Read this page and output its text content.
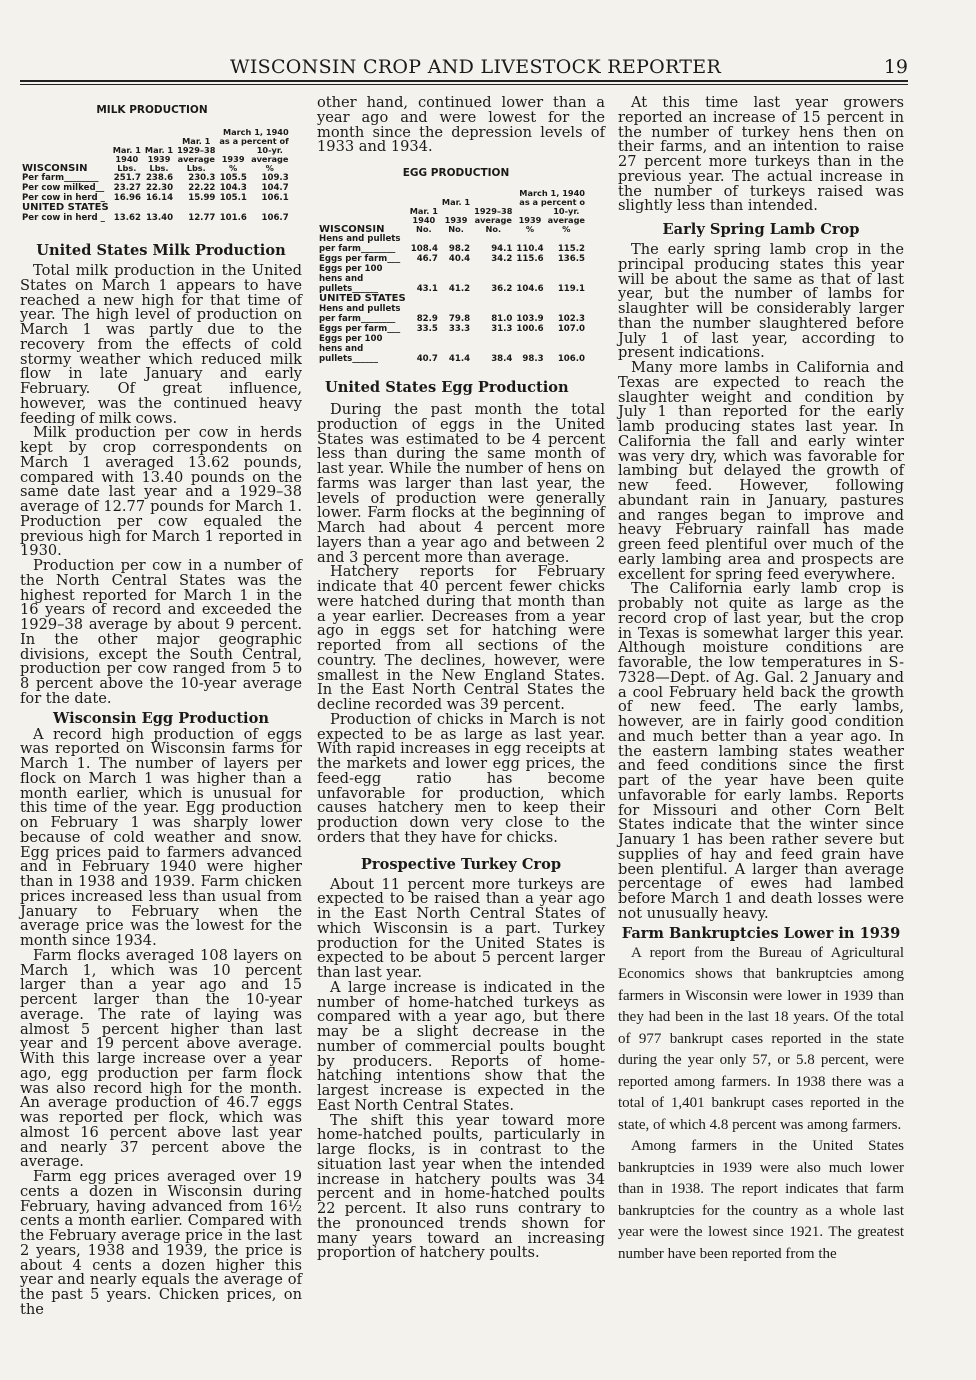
WISCONSIN CROP AND LIVESTOCK REPORTER	19
MILK PRODUCTION
			March 1, 1940		
			Mar. 1	as a percent of	
	Mar. 1	Mar. 1	1929–38		10-yr.
	1940	1939	average	1939	average
WISCONSIN	Lbs.	Lbs.	Lbs.	%	%
Per farm________	251.7	238.6	230.3	105.5	109.3
Per cow milked__	23.27	22.30	22.22	104.3	104.7
Per cow in herd _	16.96	16.14	15.99	105.1	106.1
UNITED STATES					
Per cow in herd _	13.62	13.40	12.77	101.6	106.7
United States Milk Production

Total milk production in the United States on March 1 appears to have reached a new high for that time of year. The high level of production on March 1 was partly due to the recovery from the effects of cold stormy weather which reduced milk flow in late January and early February. Of great influence, however, was the continued heavy feeding of milk cows.

Milk production per cow in herds kept by crop correspondents on March 1 averaged 13.62 pounds, compared with 13.40 pounds on the same date last year and a 1929–38 average of 12.77 pounds for March 1. Production per cow equaled the previous high for March 1 reported in 1930.

Production per cow in a number of the North Central States was the highest reported for March 1 in the 16 years of record and exceeded the 1929–38 average by about 9 percent. In the other major geographic divisions, except the South Central, production per cow ranged from 5 to 8 percent above the 10-year average for the date.

Wisconsin Egg Production

A record high production of eggs was reported on Wisconsin farms for March 1. The number of layers per flock on March 1 was higher than a month earlier, which is unusual for this time of the year. Egg production on February 1 was sharply lower because of cold weather and snow. Egg prices paid to farmers advanced and in February 1940 were higher than in 1938 and 1939. Farm chicken prices increased less than usual from January to February when the average price was the lowest for the month since 1934.

Farm flocks averaged 108 layers on March 1, which was 10 percent larger than a year ago and 15 percent larger than the 10-year average. The rate of laying was almost 5 percent higher than last year and 19 percent above average. With this large increase over a year ago, egg production per farm flock was also record high for the month. An average production of 46.7 eggs was reported per flock, which was almost 16 percent above last year and nearly 37 percent above the average.

Farm egg prices averaged over 19 cents a dozen in Wisconsin during February, having advanced from 16½ cents a month earlier. Compared with the February average price in the last 2 years, 1938 and 1939, the price is about 4 cents a dozen higher this year and nearly equals the average of the past 5 years. Chicken prices, on the

other hand, continued lower than a year ago and were lowest for the month since the depression levels of 1933 and 1934.

EGG PRODUCTION
				March 1, 1940	
		Mar. 1		as a percent o	
	Mar. 1		1929–38		10-yr.
	1940	1939	average	1939	average
WISCONSIN	No.	No.	No.	%	%
Hens and pullets per farm________	108.4	98.2	94.1	110.4	115.2
Eggs per farm___	46.7	40.4	34.2	115.6	136.5
Eggs per 100 hens and pullets______	43.1	41.2	36.2	104.6	119.1
UNITED STATES					
Hens and pullets per farm________	82.9	79.8	81.0	103.9	102.3
Eggs per farm___	33.5	33.3	31.3	100.6	107.0
Eggs per 100 hens and pullets______	40.7	41.4	38.4	98.3	106.0
United States Egg Production

During the past month the total production of eggs in the United States was estimated to be 4 percent less than during the same month of last year. While the number of hens on farms was larger than last year, the levels of production were generally lower. Farm flocks at the beginning of March had about 4 percent more layers than a year ago and between 2 and 3 percent more than average.

Hatchery reports for February indicate that 40 percent fewer chicks were hatched during that month than a year earlier. Decreases from a year ago in eggs set for hatching were reported from all sections of the country. The declines, however, were smallest in the New England States. In the East North Central States the decline recorded was 39 percent.

Production of chicks in March is not expected to be as large as last year. With rapid increases in egg receipts at the markets and lower egg prices, the feed-egg ratio has become unfavorable for production, which causes hatchery men to keep their production down very close to the orders that they have for chicks.

Prospective Turkey Crop

About 11 percent more turkeys are expected to be raised than a year ago in the East North Central States of which Wisconsin is a part. Turkey production for the United States is expected to be about 5 percent larger than last year.

A large increase is indicated in the number of home-hatched turkeys as compared with a year ago, but there may be a slight decrease in the number of commercial poults bought by producers. Reports of home-hatching intentions show that the largest increase is expected in the East North Central States.

The shift this year toward more home-hatched poults, particularly in large flocks, is in contrast to the situation last year when the intended increase in hatchery poults was 34 percent and in home-hatched poults 22 percent. It also runs contrary to the pronounced trends shown for many years toward an increasing proportion of hatchery poults.

At this time last year growers reported an increase of 15 percent in the number of turkey hens then on their farms, and an intention to raise 27 percent more turkeys than in the previous year. The actual increase in the number of turkeys raised was slightly less than intended.

Early Spring Lamb Crop

The early spring lamb crop in the principal producing states this year will be about the same as that of last year, but the number of lambs for slaughter will be considerably larger than the number slaughtered before July 1 of last year, according to present indications.

Many more lambs in California and Texas are expected to reach the slaughter weight and condition by July 1 than reported for the early lamb producing states last year. In California the fall and early winter was very dry, which was favorable for lambing but delayed the growth of new feed. However, following abundant rain in January, pastures and ranges began to improve and heavy February rainfall has made green feed plentiful over much of the early lambing area and prospects are excellent for spring feed everywhere.

The California early lamb crop is probably not quite as large as the record crop of last year, but the crop in Texas is somewhat larger this year. Although moisture conditions are favorable, the low temperatures in S-7328—Dept. of Ag. Gal. 2 January and a cool February held back the growth of new feed. The early lambs, however, are in fairly good condition and much better than a year ago. In the eastern lambing states weather and feed conditions since the first part of the year have been quite unfavorable for early lambs. Reports for Missouri and other Corn Belt States indicate that the winter since January 1 has been rather severe but supplies of hay and feed grain have been plentiful. A larger than average percentage of ewes had lambed before March 1 and death losses were not unusually heavy.

Farm Bankruptcies Lower in 1939

A report from the Bureau of Agricultural Economics shows that bankruptcies among farmers in Wisconsin were lower in 1939 than they had been in the last 18 years. Of the total of 977 bankrupt cases reported in the state during the year only 57, or 5.8 percent, were reported among farmers. In 1938 there was a total of 1,401 bankrupt cases reported in the state, of which 4.8 percent was among farmers.

Among farmers in the United States bankruptcies in 1939 were also much lower than in 1938. The report indicates that farm bankruptcies for the country as a whole last year were the lowest since 1921. The greatest number have been reported from the
